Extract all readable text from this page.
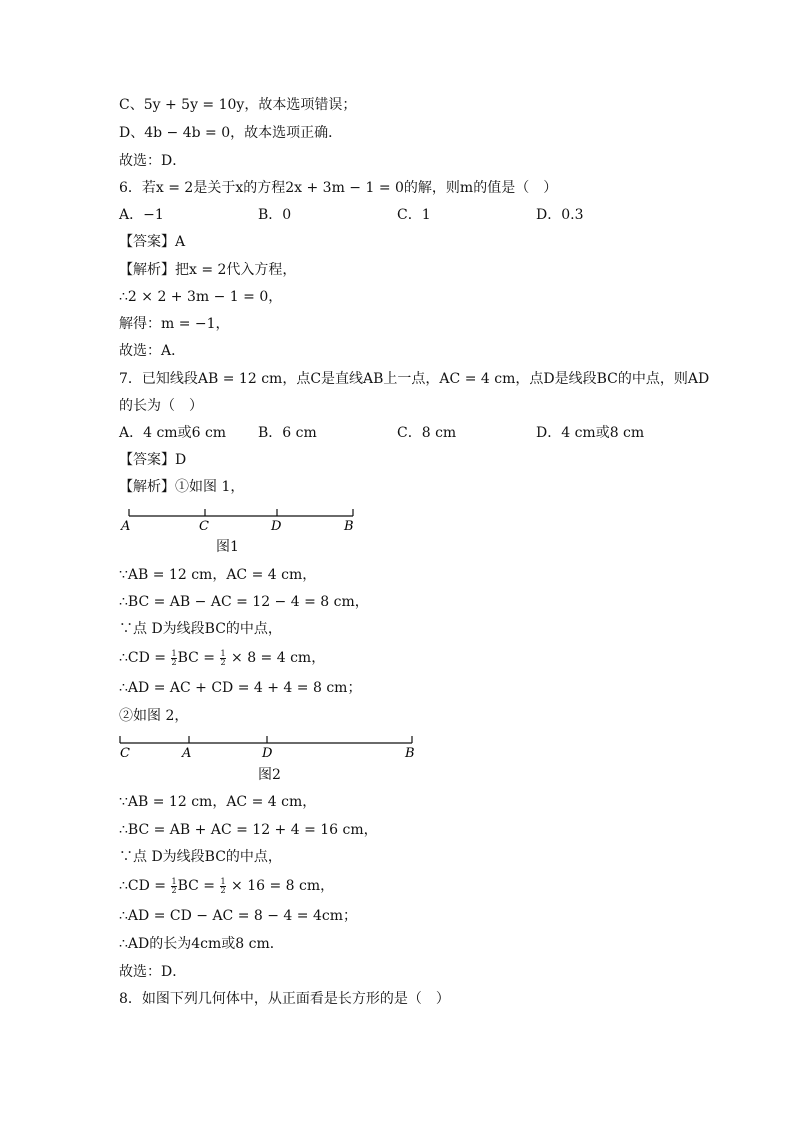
C、5y + 5y = 10y，故本选项错误；
D、4b − 4b = 0，故本选项正确．
故选：D．
6．若x = 2是关于x的方程2x + 3m − 1 = 0的解，则m的值是（　）
A．−1	B．0	C．1	D．0.3
【答案】A
【解析】把x = 2代入方程，
∴2 × 2 + 3m − 1 = 0，
解得：m = −1，
故选：A．
7．已知线段AB = 12 cm，点C是直线AB上一点，AC = 4 cm，点D是线段BC的中点，则AD
的长为（　）
A．4 cm或6 cm B．6 cm	C．8 cm	D．4 cm或8 cm
【答案】D
【解析】①如图 1，
A	C	D	B
图1
∵AB = 12 cm，AC = 4 cm，
∴BC = AB − AC = 12 − 4 = 8 cm，
∵点 D为线段BC的中点，
∴CD = $\frac{1}{2}$ BC = $\frac{1}{2} \times 8 = 4$ cm，
∴AD = AC + CD = 4 + 4 = 8 cm；
②如图 2，
C	A	D	B
图2
∵AB = 12 cm，AC = 4 cm，
∴BC = AB + AC = 12 + 4 = 16 cm，
∵点 D为线段BC的中点，
∴CD = $\frac{1}{2}$ BC = $\frac{1}{2} \times 16 = 8$ cm，
∴AD = CD − AC = 8 − 4 = 4cm；
∴AD的长为4cm或8 cm．
故选：D．
8．如图下列几何体中，从正面看是长方形的是（　）
